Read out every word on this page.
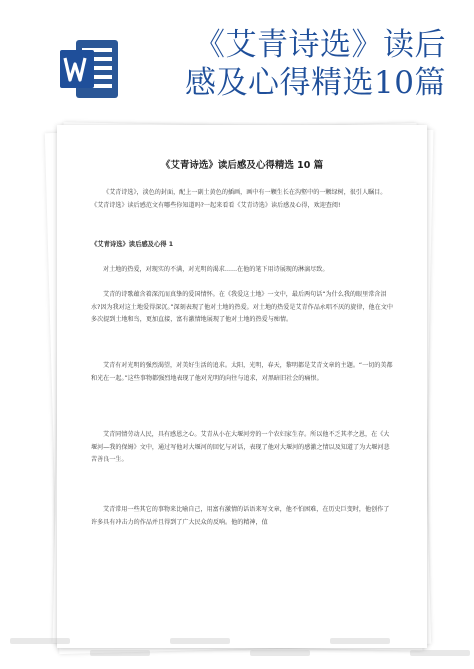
《艾青诗选》读后
感及心得精选10篇
《艾青诗选》读后感及心得精选 10 篇

《艾青诗选》，淡色的封面，配上一副土黄色的插画，画中有一颗生长在沟壑中的一颗绿树，很引人瞩目。《艾青诗选》读后感范文有哪些你知道吗?一起来看看《艾青诗选》读后感及心得，欢迎查阅!

《艾青诗选》读后感及心得 1

对土地的热爱，对现实的不满，对光明的渴求……在他的笔下用诗展现的淋漓尽致。

艾青的诗歌蕴含着深沉而真挚的爱国情怀。在《我爱这土地》一文中，最后两句话“为什么我的眼里常含泪水?因为我对这土地爱得深沉。”深刻表现了他对土地的热爱。对土地的热爱是艾青作品永唱不厌的旋律，他在文中多次提到土地和鸟，更加直接，富有激情地展现了他对土地的热爱与痴情。

艾青有对光明的强烈渴望，对美好生活的追求。太阳，光明，春天，黎明都是艾青文章的主题。“一切的美都和光在一起。”这些事物都强烈地表现了他对光明的向往与追求，对黑暗旧社会的痛恨。

艾青同情劳动人民，具有感恩之心。艾青从小在大堰河旁的一个农妇家生存。所以他不乏其孝之恩，在《大堰河—我的保姆》文中，通过写他对大堰河的回忆与对话，表现了他对大堰河的感激之情以及知道了为大堰河悲苦善良一生。

艾青常用一些其它的事物来比喻自己，用富有激情的话语来写文章，他不怕困难，在历史巨变时，他创作了许多具有冲击力的作品并且得到了广大民众的反响。他的精神，值
